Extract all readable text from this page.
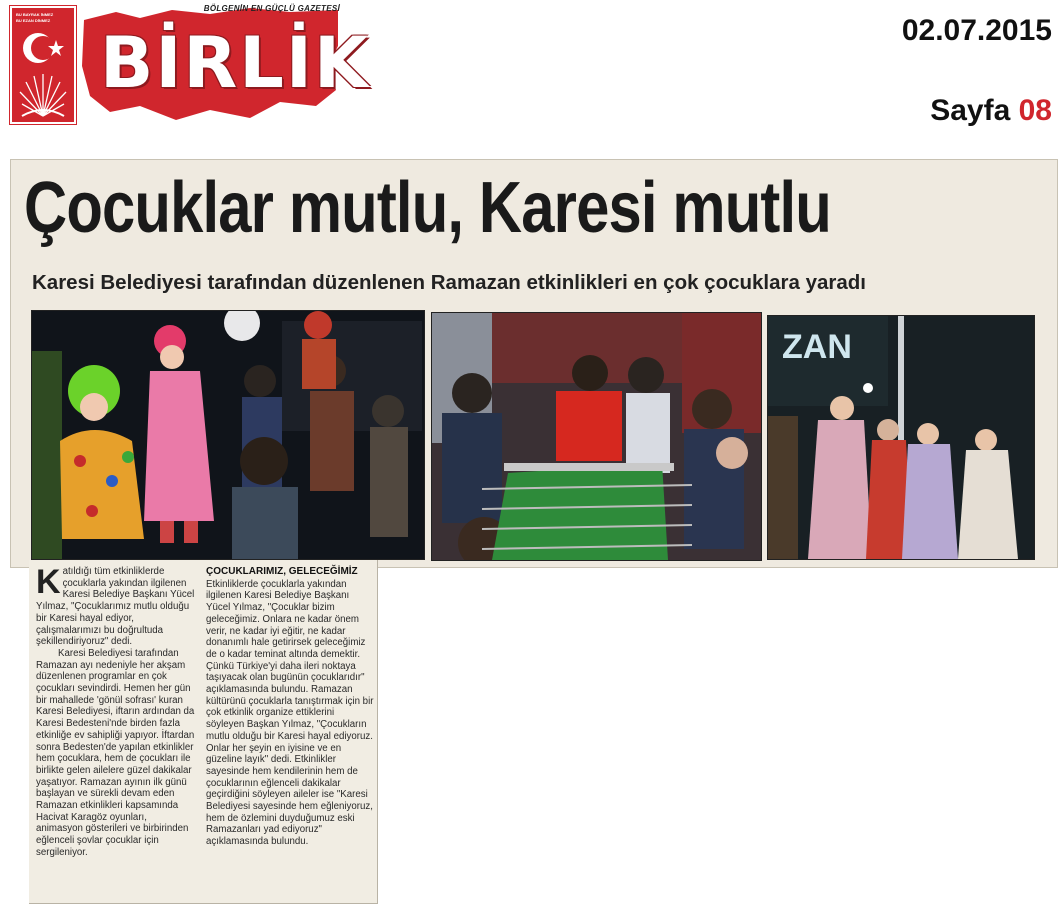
BU BAYRAK İNMEZ
BU EZAN DİNMEZ
BÖLGENİN EN GÜÇLÜ GAZETESİ
BİRLİK	02.07.2015
Sayfa 08
Çocuklar mutlu, Karesi mutlu
Karesi Belediyesi tarafından düzenlenen Ramazan etkinlikleri en çok çocuklara yaradı
ZAN
K atıldığı tüm etkinliklerde çocuklarla yakından ilgilenen Karesi Belediye Başkanı Yücel Yılmaz, "Çocuklarımız mutlu olduğu bir Karesi hayal ediyor, çalışmalarımızı bu doğrultuda şekillendiriyoruz" dedi.
Karesi Belediyesi tarafından Ramazan ayı nedeniyle her akşam düzenlenen programlar en çok çocukları sevindirdi. Hemen her gün bir mahallede 'gönül sofrası' kuran Karesi Belediyesi, iftarın ardından da Karesi Bedesteni'nde birden fazla etkinliğe ev sahipliği yapıyor. İftardan sonra Bedesten'de yapılan etkinlikler hem çocuklara, hem de çocukları ile birlikte gelen ailelere güzel dakikalar yaşatıyor. Ramazan ayının ilk günü başlayan ve sürekli devam eden Ramazan etkinlikleri kapsamında Hacivat Karagöz oyunları, animasyon gösterileri ve birbirinden eğlenceli şovlar çocuklar için sergileniyor.
ÇOCUKLARIMIZ, GELECEĞİMİZ
Etkinliklerde çocuklarla yakından ilgilenen Karesi Belediye Başkanı Yücel Yılmaz, "Çocuklar bizim geleceğimiz. Onlara ne kadar önem verir, ne kadar iyi eğitir, ne kadar donanımlı hale getirirsek geleceğimiz de o kadar teminat altında demektir. Çünkü Türkiye'yi daha ileri noktaya taşıyacak olan bugünün çocuklarıdır" açıklamasında bulundu. Ramazan kültürünü çocuklarla tanıştırmak için bir çok etkinlik organize ettiklerini söyleyen Başkan Yılmaz, "Çocukların mutlu olduğu bir Karesi hayal ediyoruz. Onlar her şeyin en iyisine ve en güzeline layık" dedi. Etkinlikler sayesinde hem kendilerinin hem de çocuklarının eğlenceli dakikalar geçirdiğini söyleyen aileler ise "Karesi Belediyesi sayesinde hem eğleniyoruz, hem de özlemini duyduğumuz eski Ramazanları yad ediyoruz" açıklamasında bulundu.
